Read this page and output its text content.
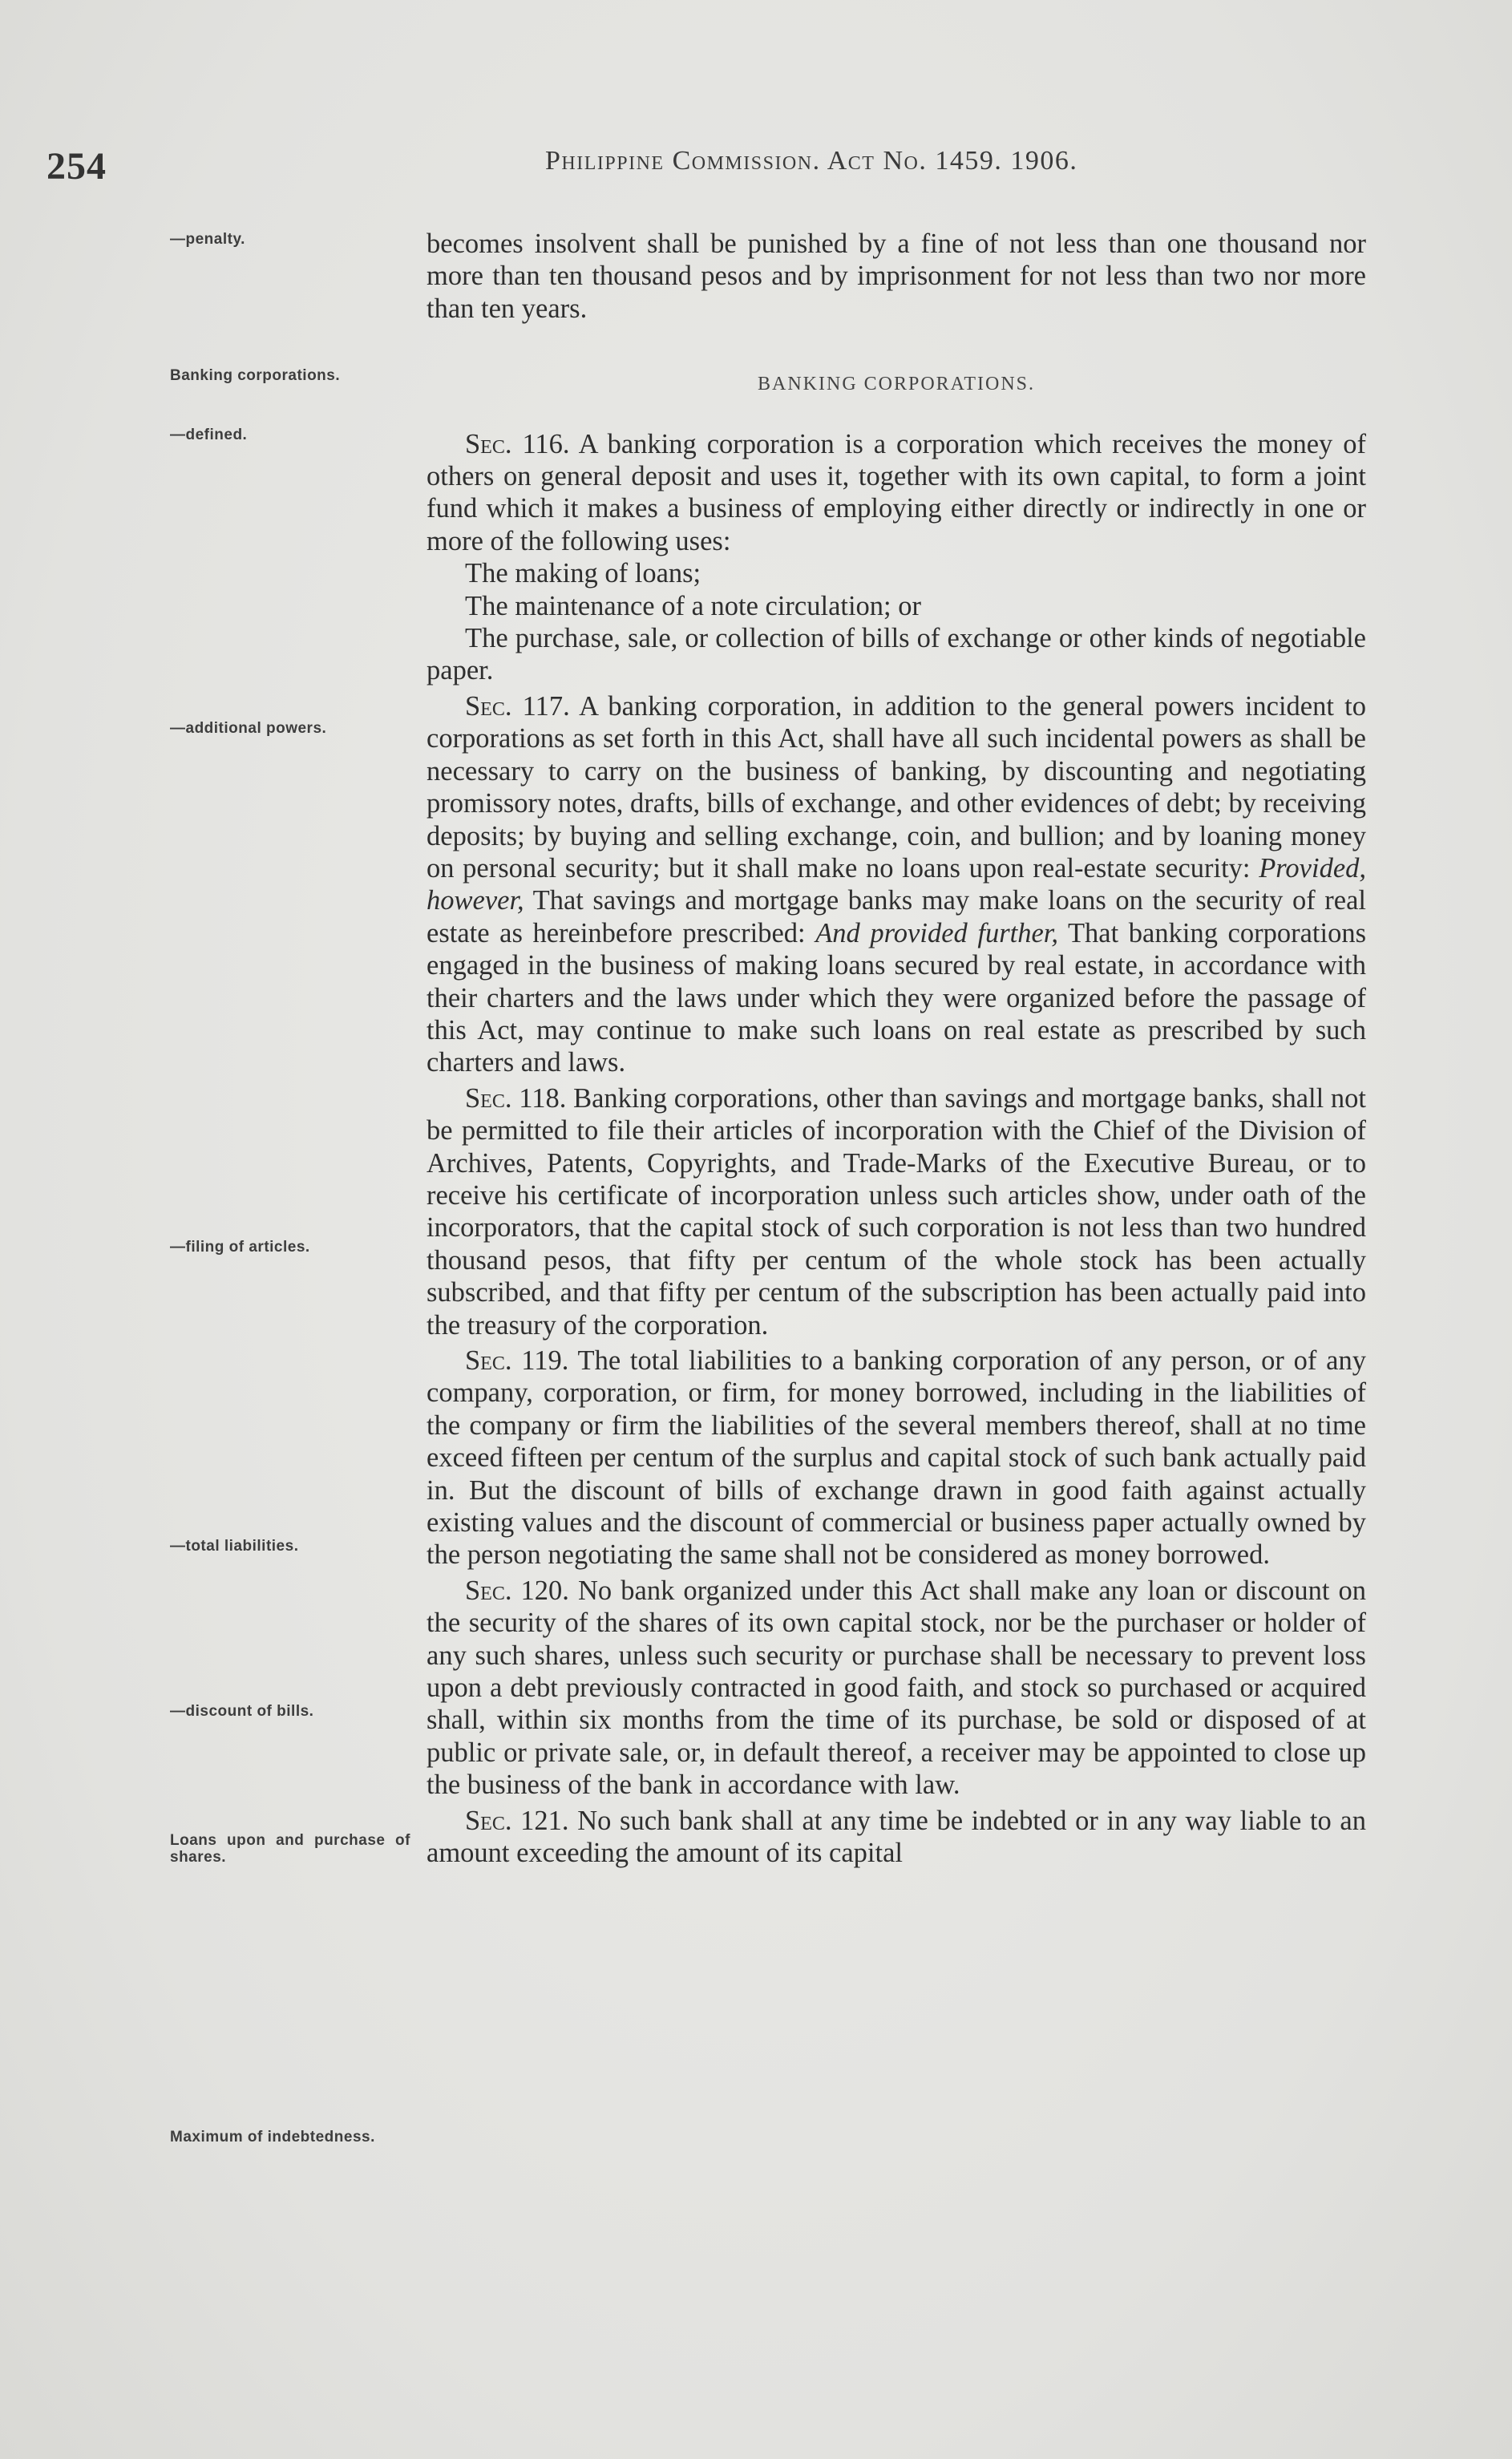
254	Philippine Commission. Act No. 1459. 1906.
—penalty.
Banking corporations.
—defined.
—additional powers.
—filing of articles.
—total liabilities.
—discount of bills.
Loans upon and purchase of shares.
Maximum of indebtedness.

becomes insolvent shall be punished by a fine of not less than one thousand nor more than ten thousand pesos and by imprisonment for not less than two nor more than ten years.

BANKING CORPORATIONS.

Sec. 116. A banking corporation is a corporation which receives the money of others on general deposit and uses it, together with its own capital, to form a joint fund which it makes a business of employing either directly or indirectly in one or more of the following uses:

The making of loans;

The maintenance of a note circulation; or

The purchase, sale, or collection of bills of exchange or other kinds of negotiable paper.

Sec. 117. A banking corporation, in addition to the general powers incident to corporations as set forth in this Act, shall have all such incidental powers as shall be necessary to carry on the business of banking, by discounting and negotiating promissory notes, drafts, bills of exchange, and other evidences of debt; by receiving deposits; by buying and selling exchange, coin, and bullion; and by loaning money on personal security; but it shall make no loans upon real-estate security: Provided, however, That savings and mortgage banks may make loans on the security of real estate as hereinbefore prescribed: And provided further, That banking corporations engaged in the business of making loans secured by real estate, in accordance with their charters and the laws under which they were organized before the passage of this Act, may continue to make such loans on real estate as prescribed by such charters and laws.

Sec. 118. Banking corporations, other than savings and mortgage banks, shall not be permitted to file their articles of incorporation with the Chief of the Division of Archives, Patents, Copyrights, and Trade-Marks of the Executive Bureau, or to receive his certificate of incorporation unless such articles show, under oath of the incorporators, that the capital stock of such corporation is not less than two hundred thousand pesos, that fifty per centum of the whole stock has been actually subscribed, and that fifty per centum of the subscription has been actually paid into the treasury of the corporation.

Sec. 119. The total liabilities to a banking corporation of any person, or of any company, corporation, or firm, for money borrowed, including in the liabilities of the company or firm the liabilities of the several members thereof, shall at no time exceed fifteen per centum of the surplus and capital stock of such bank actually paid in. But the discount of bills of exchange drawn in good faith against actually existing values and the discount of commercial or business paper actually owned by the person negotiating the same shall not be considered as money borrowed.

Sec. 120. No bank organized under this Act shall make any loan or discount on the security of the shares of its own capital stock, nor be the purchaser or holder of any such shares, unless such security or purchase shall be necessary to prevent loss upon a debt previously contracted in good faith, and stock so purchased or acquired shall, within six months from the time of its purchase, be sold or disposed of at public or private sale, or, in default thereof, a receiver may be appointed to close up the business of the bank in accordance with law.

Sec. 121. No such bank shall at any time be indebted or in any way liable to an amount exceeding the amount of its capital
